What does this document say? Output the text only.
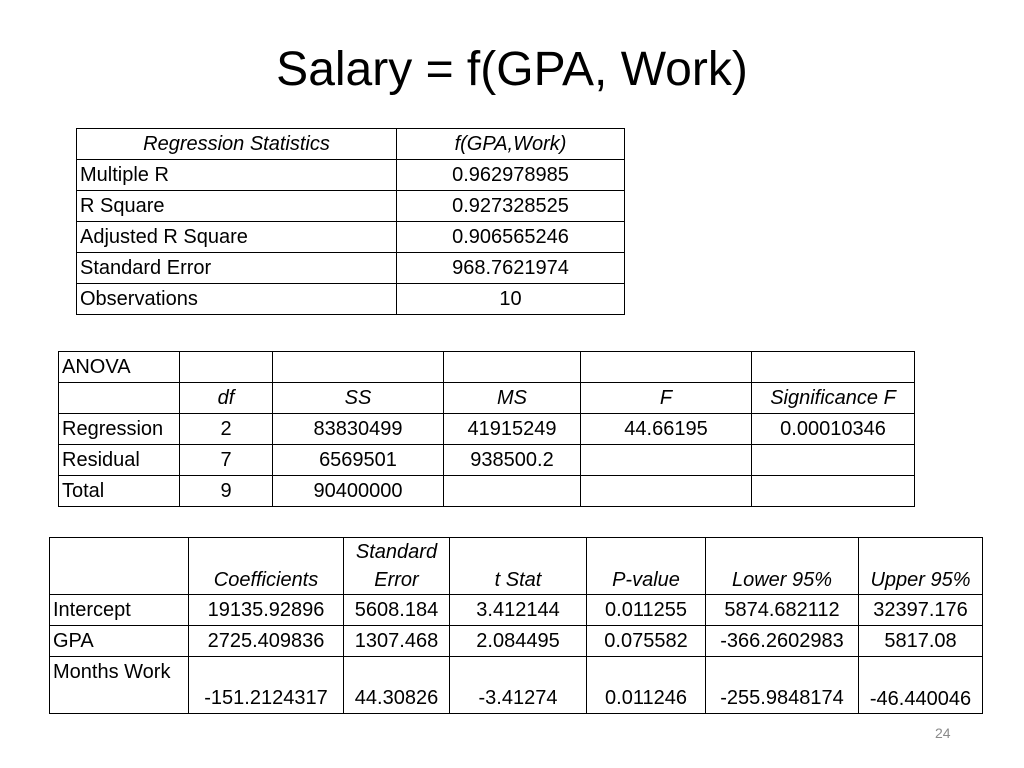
Salary = f(GPA, Work)
Regression Statistics	f(GPA,Work)
Multiple R	0.962978985
R Square	0.927328525
Adjusted R Square	0.906565246
Standard Error	968.7621974
Observations	10
ANOVA					
	df	SS	MS	F	Significance F
Regression	2	83830499	41915249	44.66195	0.00010346
Residual	7	6569501	938500.2		
Total	9	90400000			
	Coefficients	Standard Error	t Stat	P-value	Lower 95%	Upper 95%
Intercept	19135.92896	5608.184	3.412144	0.011255	5874.682112	32397.176
GPA	2725.409836	1307.468	2.084495	0.075582	-366.2602983	5817.08
Months Work	-151.2124317	44.30826	-3.41274	0.011246	-255.9848174	-46.440046
24
